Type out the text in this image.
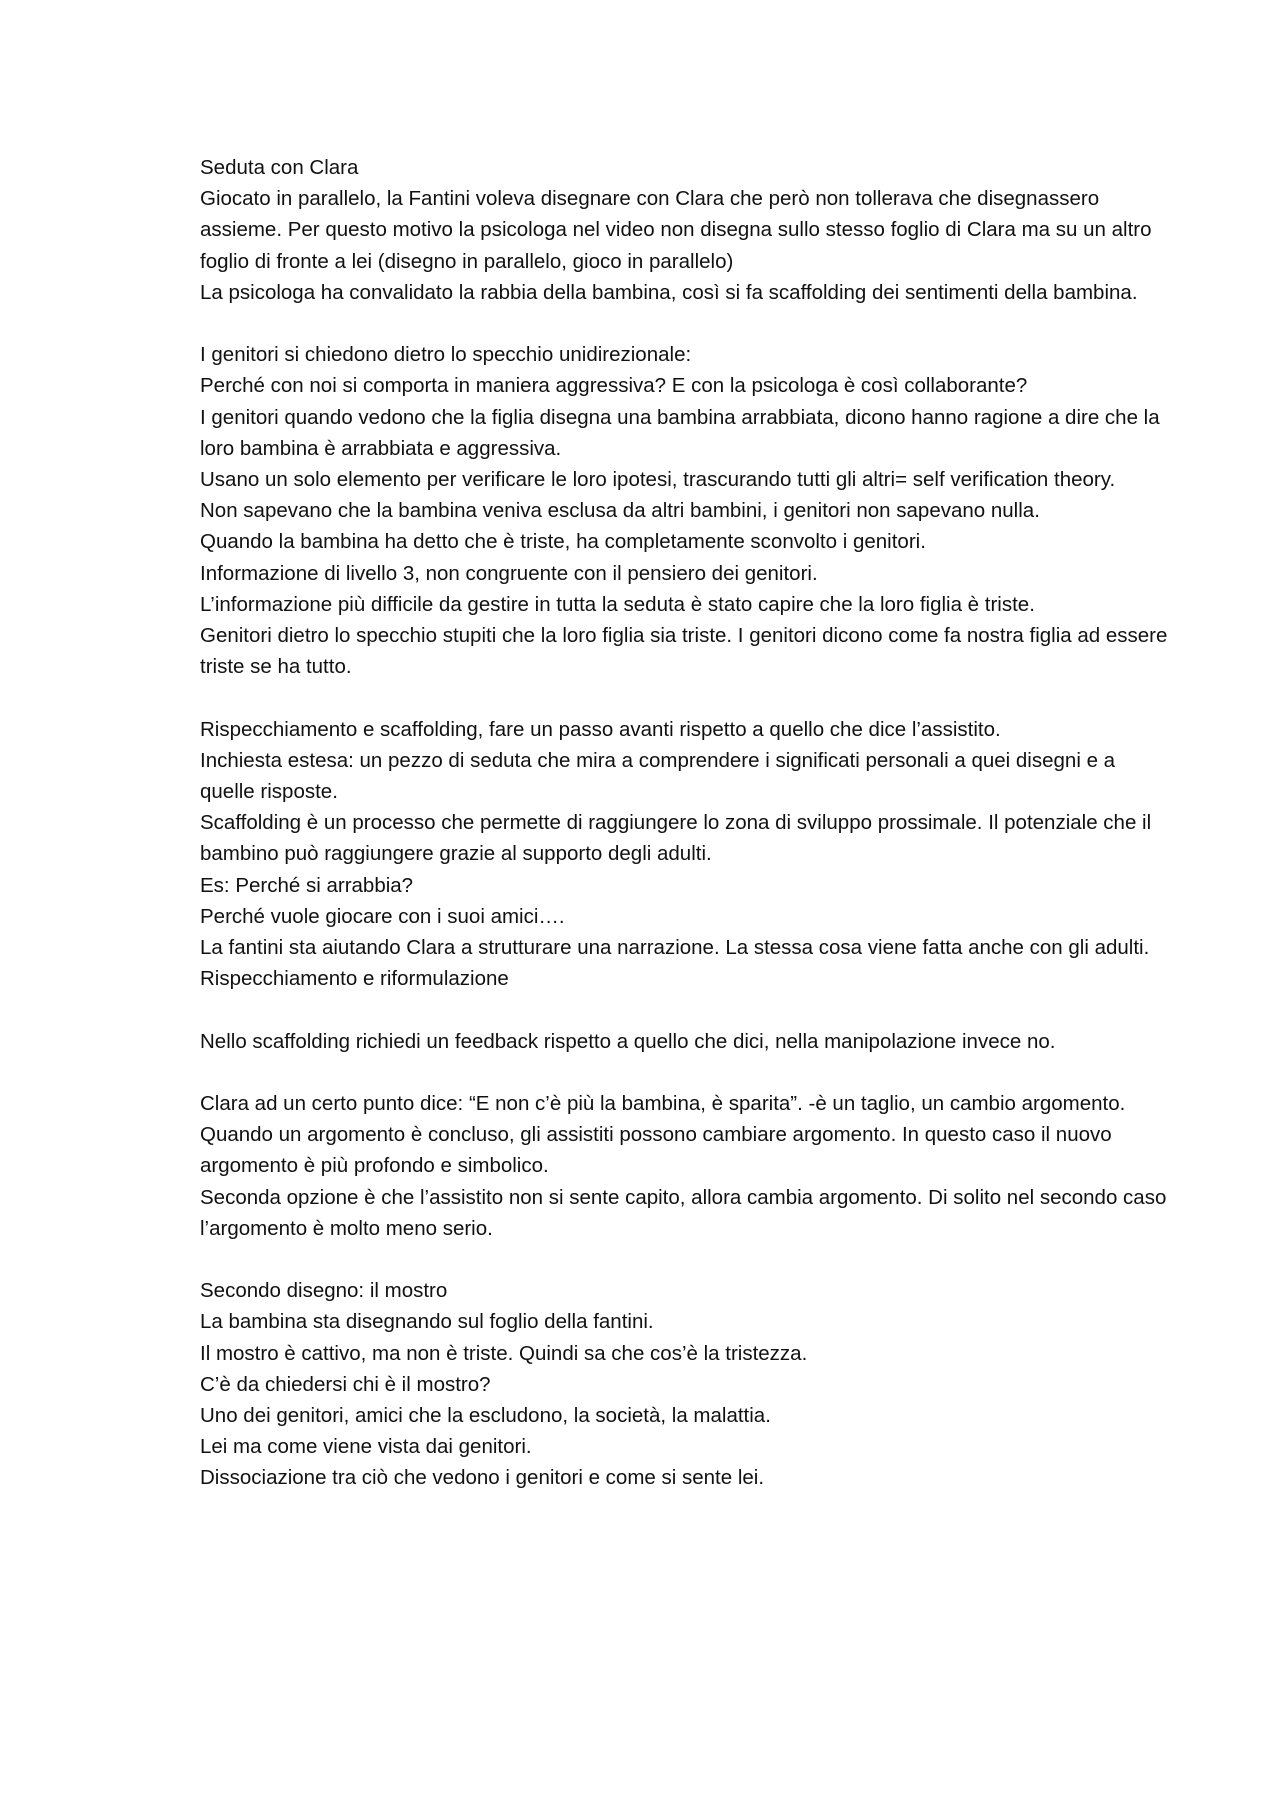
Seduta con Clara

Giocato in parallelo, la Fantini voleva disegnare con Clara che però non tollerava che disegnassero assieme. Per questo motivo la psicologa nel video non disegna sullo stesso foglio di Clara ma su un altro foglio di fronte a lei (disegno in parallelo, gioco in parallelo)

La psicologa ha convalidato la rabbia della bambina, così si fa scaffolding dei sentimenti della bambina.

I genitori si chiedono dietro lo specchio unidirezionale:

Perché con noi si comporta in maniera aggressiva? E con la psicologa è così collaborante?

I genitori quando vedono che la figlia disegna una bambina arrabbiata, dicono hanno ragione a dire che la loro bambina è arrabbiata e aggressiva.

Usano un solo elemento per verificare le loro ipotesi, trascurando tutti gli altri= self verification theory.

Non sapevano che la bambina veniva esclusa da altri bambini, i genitori non sapevano nulla.

Quando la bambina ha detto che è triste, ha completamente sconvolto i genitori.

Informazione di livello 3, non congruente con il pensiero dei genitori.

L’informazione più difficile da gestire in tutta la seduta è stato capire che la loro figlia è triste.

Genitori dietro lo specchio stupiti che la loro figlia sia triste. I genitori dicono come fa nostra figlia ad essere triste se ha tutto.

Rispecchiamento e scaffolding, fare un passo avanti rispetto a quello che dice l’assistito.

Inchiesta estesa: un pezzo di seduta che mira a comprendere i significati personali a quei disegni e a quelle risposte.

Scaffolding è un processo che permette di raggiungere lo zona di sviluppo prossimale. Il potenziale che il bambino può raggiungere grazie al supporto degli adulti.

Es: Perché si arrabbia?

Perché vuole giocare con i suoi amici….

La fantini sta aiutando Clara a strutturare una narrazione. La stessa cosa viene fatta anche con gli adulti.

Rispecchiamento e riformulazione

Nello scaffolding richiedi un feedback rispetto a quello che dici, nella manipolazione invece no.

Clara ad un certo punto dice: “E non c’è più la bambina, è sparita”. -è un taglio, un cambio argomento.

Quando un argomento è concluso, gli assistiti possono cambiare argomento. In questo caso il nuovo argomento è più profondo e simbolico.

Seconda opzione è che l’assistito non si sente capito, allora cambia argomento. Di solito nel secondo caso l’argomento è molto meno serio.

Secondo disegno: il mostro

La bambina sta disegnando sul foglio della fantini.

Il mostro è cattivo, ma non è triste. Quindi sa che cos’è la tristezza.

C’è da chiedersi chi è il mostro?

Uno dei genitori, amici che la escludono, la società, la malattia.

Lei ma come viene vista dai genitori.

Dissociazione tra ciò che vedono i genitori e come si sente lei.
